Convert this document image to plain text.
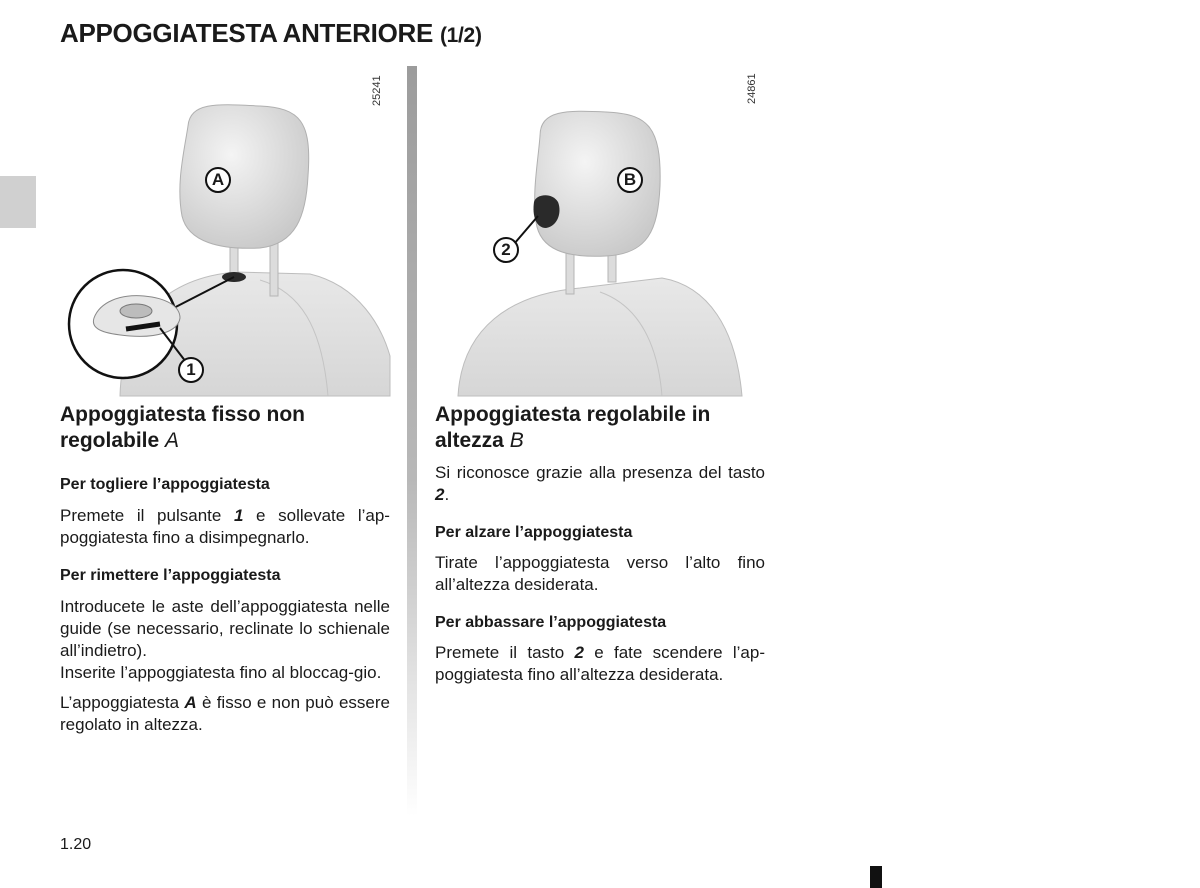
APPOGGIATESTA ANTERIORE (1/2)
A
1
25241
B
2
24861
Appoggiatesta fisso non regolabile A
Per togliere l’appoggiatesta

Premete il pulsante 1 e sollevate l’ap-poggiatesta fino a disimpegnarlo.

Per rimettere l’appoggiatesta

Introducete le aste dell’appoggiatesta nelle guide (se necessario, reclinate lo schienale all’indietro).

Inserite l’appoggiatesta fino al bloccag-gio.

L’appoggiatesta A è fisso e non può essere regolato in altezza.

Appoggiatesta regolabile in altezza B

Si riconosce grazie alla presenza del tasto 2.

Per alzare l’appoggiatesta

Tirate l’appoggiatesta verso l’alto fino all’altezza desiderata.

Per abbassare l’appoggiatesta

Premete il tasto 2 e fate scendere l’ap-poggiatesta fino all’altezza desiderata.

1.20
